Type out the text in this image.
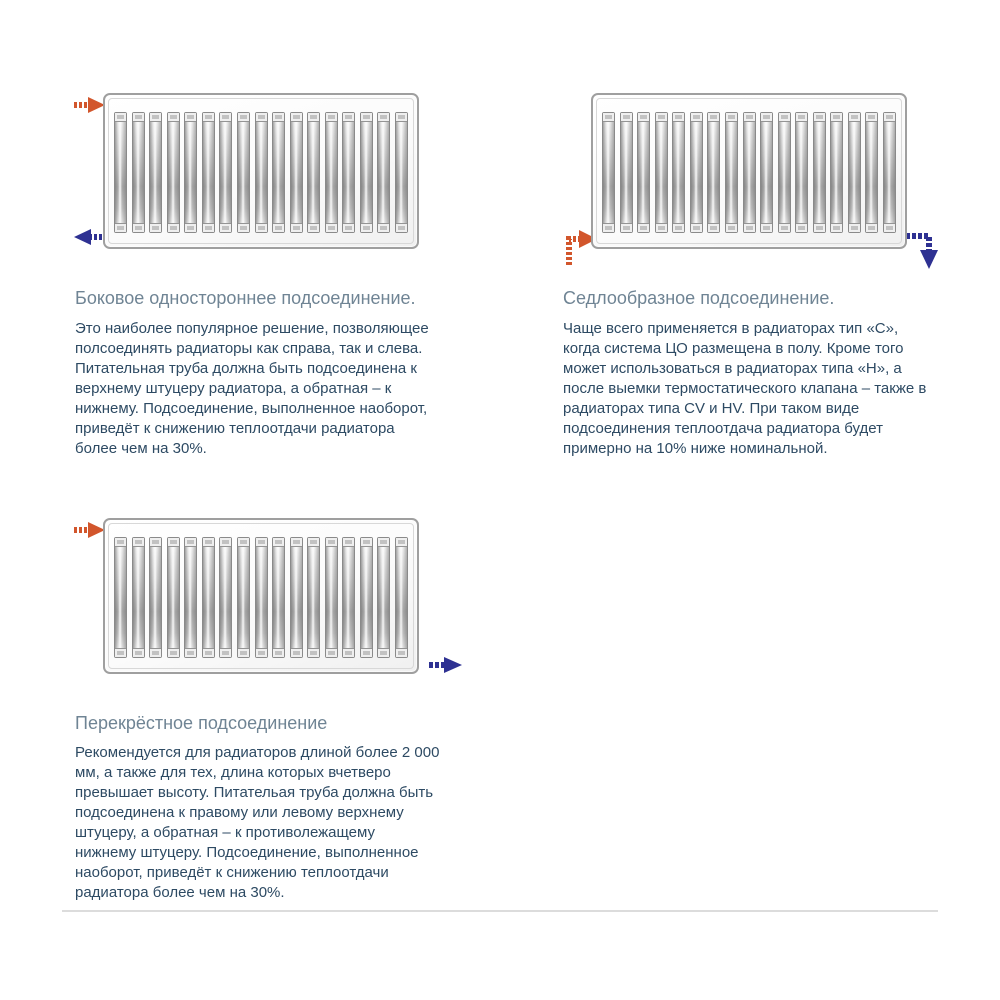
Боковое одностороннее подсоединение.

Это наиболее популярное решение, позволяющее полсоединять радиаторы как справа, так и слева. Питательная труба должна быть подсоединена к верхнему штуцеру радиатора, а обратная – к нижнему. Подсоединение, выполненное наоборот, приведёт к снижению теплоотдачи радиатора более чем на 30%.

Седлообразное подсоединение.

Чаще всего применяется в радиаторах тип «С», когда система ЦО размещена в полу. Кроме того может использоваться в радиаторах типа «Н», а после выемки термостатического клапана – также в радиаторах типа CV и HV. При таком виде подсоединения теплоотдача радиатора будет примерно на 10% ниже номинальной.

Перекрёстное подсоединение

Рекомендуется для радиаторов длиной более 2 000 мм, а также для тех, длина которых вчетверо превышает высоту. Питательая труба должна быть подсоединена к правому или левому верхнему штуцеру, а обратная – к противолежащему нижнему штуцеру. Подсоединение, выполненное наоборот, приведёт к снижению теплоотдачи радиатора более чем на 30%.
